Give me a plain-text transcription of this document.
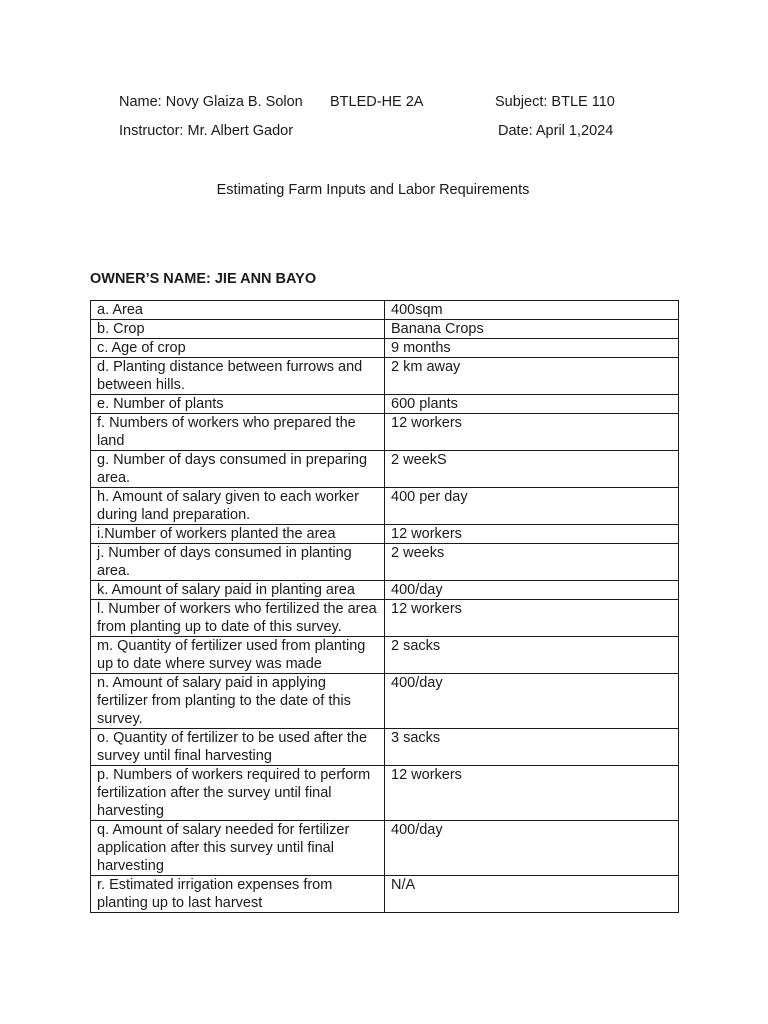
Name: Novy Glaiza B. Solon BTLED-HE 2A	Subject: BTLE 110
Instructor: Mr. Albert Gador	Date: April 1,2024
Estimating Farm Inputs and Labor Requirements
OWNER’S NAME: JIE ANN BAYO
a. Area	400sqm
b. Crop	Banana Crops
c. Age of crop	9 months
d. Planting distance between furrows and between hills.	2 km away
e. Number of plants	600 plants
f. Numbers of workers who prepared the land	12 workers
g. Number of days consumed in preparing area.	2 weekS
h. Amount of salary given to each worker during land preparation.	400 per day
i.Number of workers planted the area	12 workers
j. Number of days consumed in planting area.	2 weeks
k. Amount of salary paid in planting area	400/day
l. Number of workers who fertilized the area from planting up to date of this survey.	12 workers
m. Quantity of fertilizer used from planting up to date where survey was made	2 sacks
n. Amount of salary paid in applying fertilizer from planting to the date of this survey.	400/day
o. Quantity of fertilizer to be used after the survey until final harvesting	3 sacks
p. Numbers of workers required to perform fertilization after the survey until final harvesting	12 workers
q. Amount of salary needed for fertilizer application after this survey until final harvesting	400/day
r. Estimated irrigation expenses from planting up to last harvest	N/A
